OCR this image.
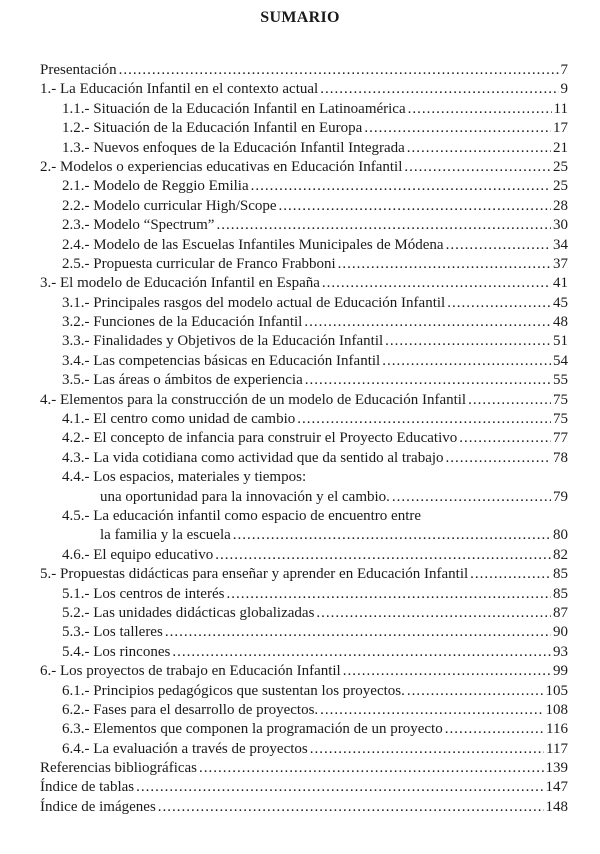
SUMARIO
Presentación .....	7
1.- La Educación Infantil en el contexto actual .....	9
1.1.- Situación de la Educación Infantil en Latinoamérica .....	11
1.2.- Situación de la Educación Infantil en Europa .....	17
1.3.- Nuevos enfoques de la Educación Infantil Integrada .....	21
2.- Modelos o experiencias educativas en Educación Infantil .....	25
2.1.- Modelo de Reggio Emilia .....	25
2.2.- Modelo curricular High/Scope .....	28
2.3.- Modelo “Spectrum” .....	30
2.4.- Modelo de las Escuelas Infantiles Municipales de Módena .....	34
2.5.- Propuesta curricular de Franco Frabboni .....	37
3.- El modelo de Educación Infantil en España .....	41
3.1.- Principales rasgos del modelo actual de Educación Infantil .....	45
3.2.- Funciones de la Educación Infantil .....	48
3.3.- Finalidades y Objetivos de la Educación Infantil .....	51
3.4.- Las competencias básicas en Educación Infantil .....	54
3.5.- Las áreas o ámbitos de experiencia .....	55
4.- Elementos para la construcción de un modelo de Educación Infantil .....	75
4.1.- El centro como unidad de cambio .....	75
4.2.- El concepto de infancia para construir el Proyecto Educativo .....	77
4.3.- La vida cotidiana como actividad que da sentido al trabajo .....	78
4.4.- Los espacios, materiales y tiempos:
una oportunidad para la innovación y el cambio. .....	79
4.5.- La educación infantil como espacio de encuentro entre
la familia y la escuela .....	80
4.6.- El equipo educativo .....	82
5.- Propuestas didácticas para enseñar y aprender en Educación Infantil .....	85
5.1.- Los centros de interés .....	85
5.2.- Las unidades didácticas globalizadas .....	87
5.3.- Los talleres .....	90
5.4.- Los rincones .....	93
6.- Los proyectos de trabajo en Educación Infantil .....	99
6.1.- Principios pedagógicos que sustentan los proyectos. .....	105
6.2.- Fases para el desarrollo de proyectos. .....	108
6.3.- Elementos que componen la programación de un proyecto .....	116
6.4.- La evaluación a través de proyectos .....	117
Referencias bibliográficas .....	139
Índice de tablas .....	147
Índice de imágenes .....	148
